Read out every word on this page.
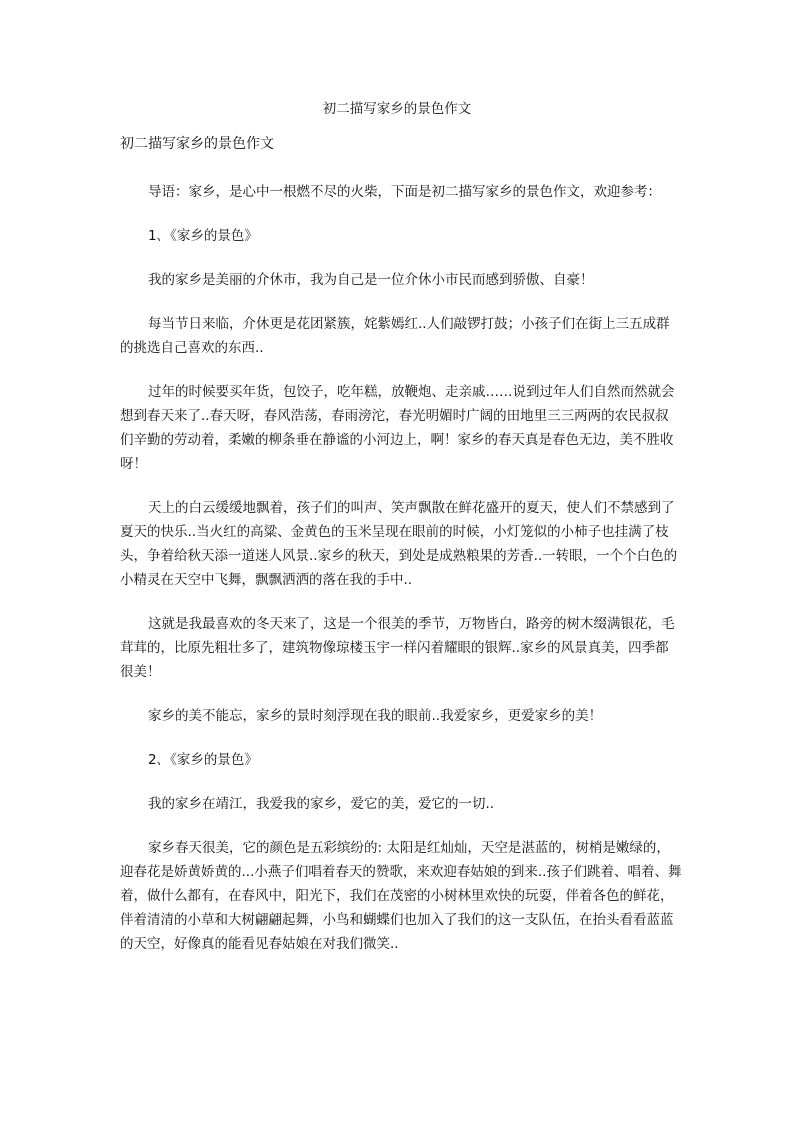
初二描写家乡的景色作文
初二描写家乡的景色作文

导语：家乡，是心中一根燃不尽的火柴，下面是初二描写家乡的景色作文，欢迎参考：

1､《家乡的景色》

我的家乡是美丽的介休市，我为自己是一位介休小市民而感到骄傲、自豪！

每当节日来临，介休更是花团紧簇，姹紫嫣红..人们敲锣打鼓；小孩子们在街上三五成群的挑选自己喜欢的东西..

过年的时候要买年货，包饺子，吃年糕，放鞭炮、走亲戚……说到过年人们自然而然就会想到春天来了..春天呀，春风浩荡，春雨滂沱，春光明媚时广阔的田地里三三两两的农民叔叔们辛勤的劳动着，柔嫩的柳条垂在静谧的小河边上，啊！家乡的春天真是春色无边，美不胜收呀！

天上的白云缓缓地飘着，孩子们的叫声、笑声飘散在鲜花盛开的夏天，使人们不禁感到了夏天的快乐..当火红的高粱、金黄色的玉米呈现在眼前的时候，小灯笼似的小柿子也挂满了枝头，争着给秋天添一道迷人风景..家乡的秋天，到处是成熟粮果的芳香..一转眼，一个个白色的小精灵在天空中飞舞，飘飘洒洒的落在我的手中..

这就是我最喜欢的冬天来了，这是一个很美的季节，万物皆白，路旁的树木缀满银花，毛茸茸的，比原先粗壮多了，建筑物像琼楼玉宇一样闪着耀眼的银辉..家乡的风景真美，四季都很美！

家乡的美不能忘，家乡的景时刻浮现在我的眼前..我爱家乡，更爱家乡的美！

2､《家乡的景色》

我的家乡在靖江，我爱我的家乡，爱它的美，爱它的一切..

家乡春天很美，它的颜色是五彩缤纷的: 太阳是红灿灿，天空是湛蓝的，树梢是嫩绿的，迎春花是娇黄娇黄的...小燕子们唱着春天的赞歌，来欢迎春姑娘的到来..孩子们跳着、唱着、舞着，做什么都有，在春风中，阳光下，我们在茂密的小树林里欢快的玩耍，伴着各色的鲜花，伴着清清的小草和大树翩翩起舞，小鸟和蝴蝶们也加入了我们的这一支队伍，在抬头看看蓝蓝的天空，好像真的能看见春姑娘在对我们微笑..
